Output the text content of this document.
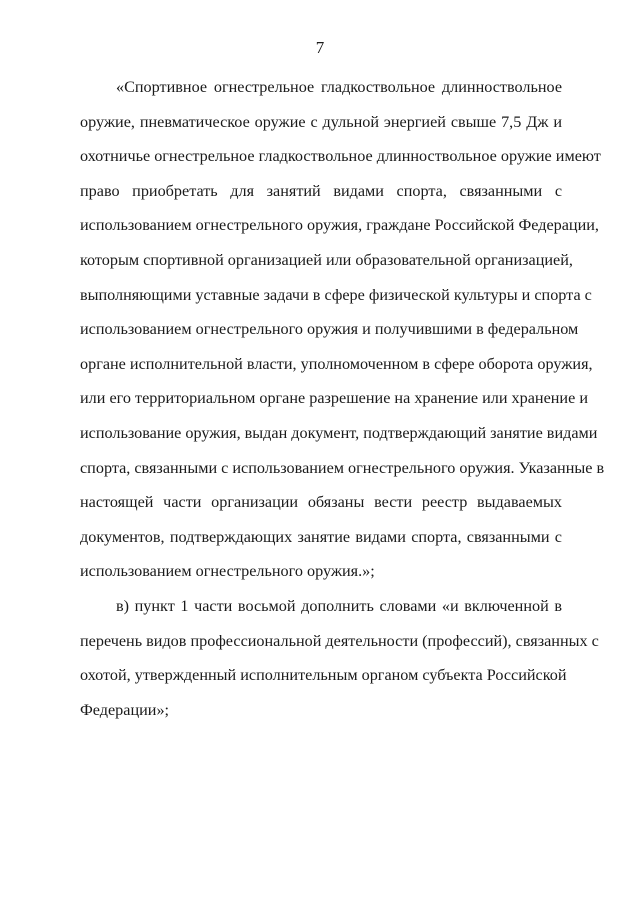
7
«Спортивное огнестрельное гладкоствольное длинноствольное
оружие, пневматическое оружие с дульной энергией свыше 7,5 Дж и
охотничье огнестрельное гладкоствольное длинноствольное оружие имеют
право приобретать для занятий видами спорта, связанными с
использованием огнестрельного оружия, граждане Российской Федерации,
которым спортивной организацией или образовательной организацией,
выполняющими уставные задачи в сфере физической культуры и спорта с
использованием огнестрельного оружия и получившими в федеральном
органе исполнительной власти, уполномоченном в сфере оборота оружия,
или его территориальном органе разрешение на хранение или хранение и
использование оружия, выдан документ, подтверждающий занятие видами
спорта, связанными с использованием огнестрельного оружия. Указанные в
настоящей части организации обязаны вести реестр выдаваемых
документов, подтверждающих занятие видами спорта, связанными с
использованием огнестрельного оружия.»;
в) пункт 1 части восьмой дополнить словами «и включенной в
перечень видов профессиональной деятельности (профессий), связанных с
охотой, утвержденный исполнительным органом субъекта Российской
Федерации»;
